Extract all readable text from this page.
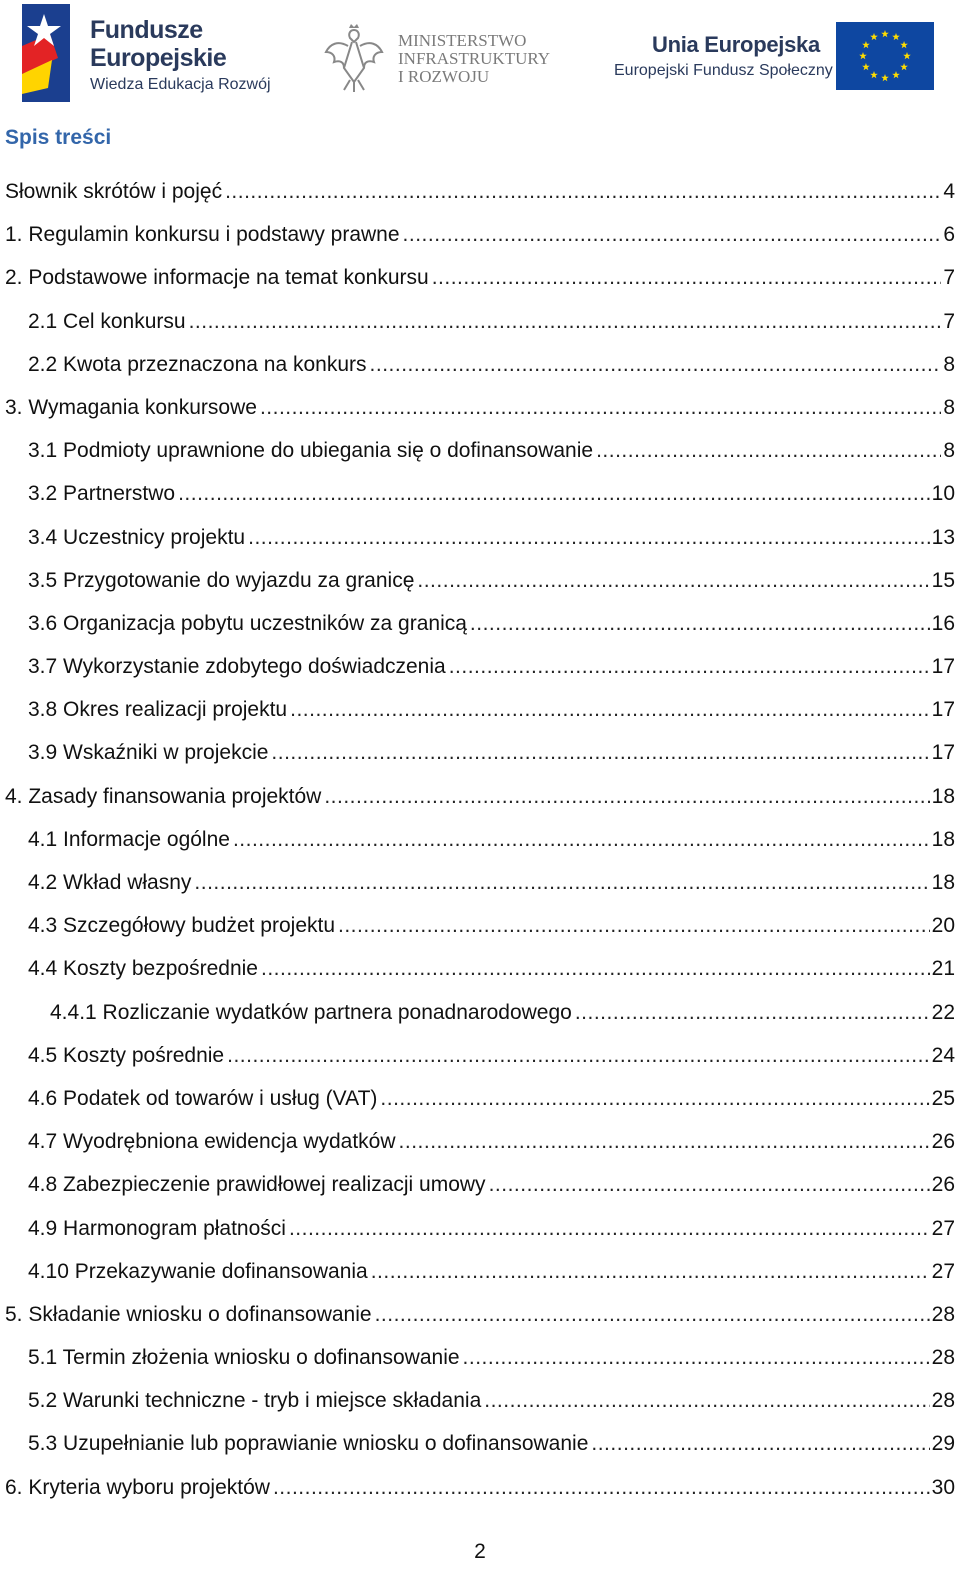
Fundusze
Europejskie
Wiedza Edukacja Rozwój
MINISTERSTWO
INFRASTRUKTURY
I ROZWOJU
Unia Europejska
Europejski Fundusz Społeczny
Spis treści
Słownik skrótów i pojęć .....	4
1. Regulamin konkursu i podstawy prawne .....	6
2. Podstawowe informacje na temat konkursu .....	7
2.1 Cel konkursu .....	7
2.2 Kwota przeznaczona na konkurs .....	8
3. Wymagania konkursowe .....	8
3.1 Podmioty uprawnione do ubiegania się o dofinansowanie .....	8
3.2 Partnerstwo .....	10
3.4 Uczestnicy projektu .....	13
3.5 Przygotowanie do wyjazdu za granicę .....	15
3.6 Organizacja pobytu uczestników za granicą .....	16
3.7 Wykorzystanie zdobytego doświadczenia .....	17
3.8 Okres realizacji projektu .....	17
3.9 Wskaźniki w projekcie .....	17
4. Zasady finansowania projektów .....	18
4.1 Informacje ogólne .....	18
4.2 Wkład własny .....	18
4.3 Szczegółowy budżet projektu .....	20
4.4 Koszty bezpośrednie .....	21
4.4.1 Rozliczanie wydatków partnera ponadnarodowego .....	22
4.5 Koszty pośrednie .....	24
4.6 Podatek od towarów i usług (VAT) .....	25
4.7 Wyodrębniona ewidencja wydatków .....	26
4.8 Zabezpieczenie prawidłowej realizacji umowy .....	26
4.9 Harmonogram płatności .....	27
4.10 Przekazywanie dofinansowania .....	27
5. Składanie wniosku o dofinansowanie .....	28
5.1 Termin złożenia wniosku o dofinansowanie .....	28
5.2 Warunki techniczne - tryb i miejsce składania .....	28
5.3 Uzupełnianie lub poprawianie wniosku o dofinansowanie .....	29
6. Kryteria wyboru projektów .....	30
2
